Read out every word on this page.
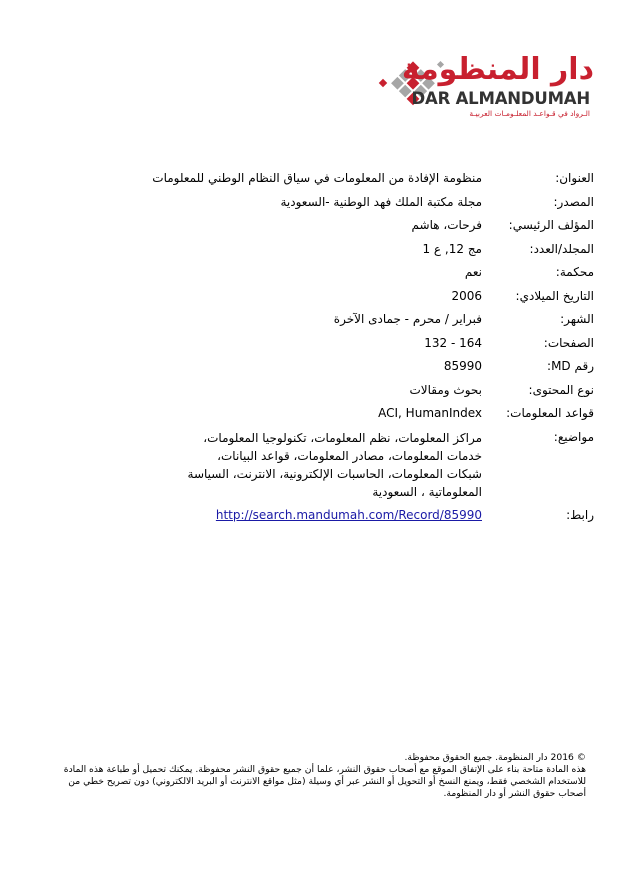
دار المنظومة
DAR ALMANDUMAH
الـرواد في قـواعـد المعلـومـات العربيـة
العنوان:
منظومة الإفادة من المعلومات في سياق النظام الوطني للمعلومات
المصدر:
مجلة مكتبة الملك فهد الوطنية -السعودية
المؤلف الرئيسي:
فرحات، هاشم
المجلد/العدد:
مج 12, ع 1
محكمة:
نعم
التاريخ الميلادي:
2006
الشهر:
فبراير / محرم - جمادى الآخرة
الصفحات:
132 - 164
رقم MD:
85990
نوع المحتوى:
بحوث ومقالات
قواعد المعلومات:
ACI, HumanIndex
مواضيع:
مراكز المعلومات، نظم المعلومات، تكنولوجيا المعلومات، خدمات المعلومات، مصادر المعلومات، قواعد البيانات، شبكات المعلومات، الحاسبات الإلكترونية، الانترنت، السياسة المعلوماتية ، السعودية
رابط:
http://search.mandumah.com/Record/85990

© 2016 دار المنظومة. جميع الحقوق محفوظة.

هذه المادة متاحة بناء على الإتفاق الموقع مع أصحاب حقوق النشر، علما أن جميع حقوق النشر محفوظة. يمكنك تحميل أو طباعة هذه المادة للاستخدام الشخصي فقط، ويمنع النسخ أو التحويل أو النشر عبر أي وسيلة (مثل مواقع الانترنت أو البريد الالكتروني) دون تصريح خطي من أصحاب حقوق النشر أو دار المنظومة.
